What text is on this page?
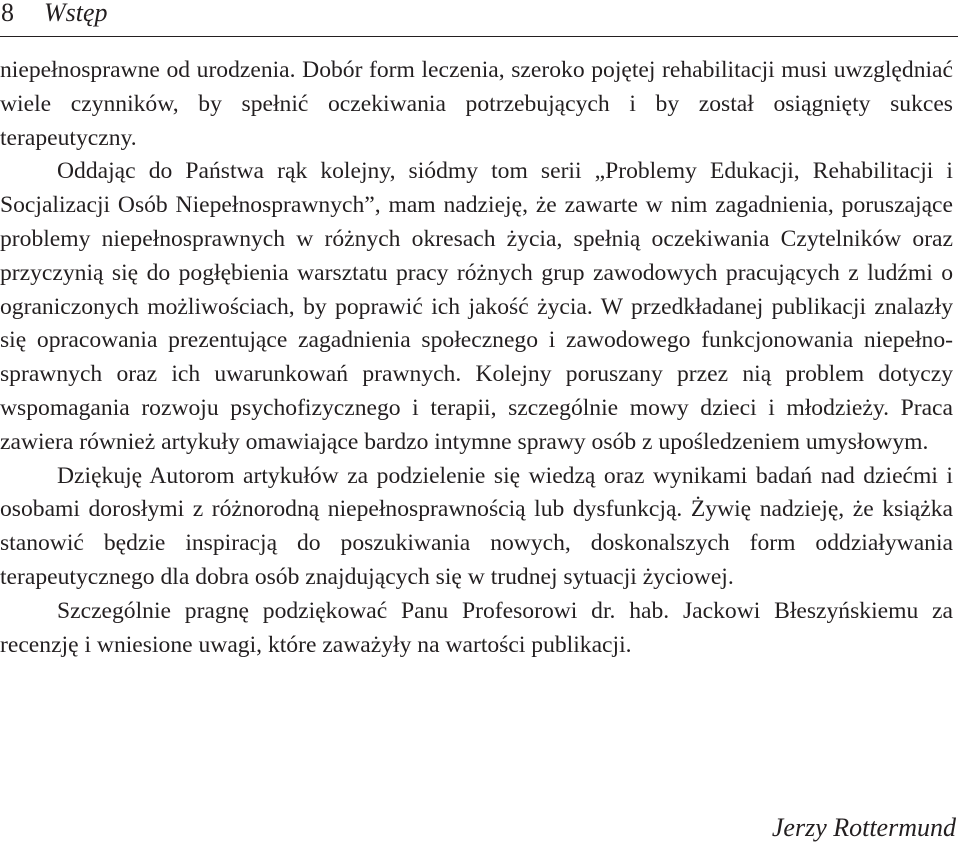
8 Wstęp

niepełnosprawne od urodzenia. Dobór form leczenia, szeroko pojętej rehabilitacji musi uwzględniać wiele czynników, by spełnić oczekiwania potrzebujących i by został osiągnięty sukces terapeutyczny.

Oddając do Państwa rąk kolejny, siódmy tom serii „Problemy Edukacji, Rehabilitacji i Socjalizacji Osób Niepełnosprawnych”, mam nadzieję, że zawarte w nim zagadnienia, poruszające problemy niepełnosprawnych w różnych okresach życia, spełnią oczekiwania Czytelników oraz przyczynią się do pogłębienia warsztatu pracy różnych grup zawodowych pracujących z ludźmi o ograniczonych możliwościach, by poprawić ich jakość życia. W przedkładanej publikacji znalazły się opracowania prezentujące zagadnienia społecznego i zawodowego funkcjonowania niepełnosprawnych oraz ich uwarunkowań prawnych. Kolejny poruszany przez nią problem dotyczy wspomagania rozwoju psychofizycznego i terapii, szczególnie mowy dzieci i młodzieży. Praca zawiera również artykuły omawiające bardzo intymne sprawy osób z upośledzeniem umysłowym.

Dziękuję Autorom artykułów za podzielenie się wiedzą oraz wynikami badań nad dziećmi i osobami dorosłymi z różnorodną niepełnosprawnością lub dysfunkcją. Żywię nadzieję, że książka stanowić będzie inspiracją do poszukiwania nowych, doskonalszych form oddziaływania terapeutycznego dla dobra osób znajdujących się w trudnej sytuacji życiowej.

Szczególnie pragnę podziękować Panu Profesorowi dr. hab. Jackowi Błeszyńskiemu za recenzję i wniesione uwagi, które zaważyły na wartości publikacji.

Jerzy Rottermund
